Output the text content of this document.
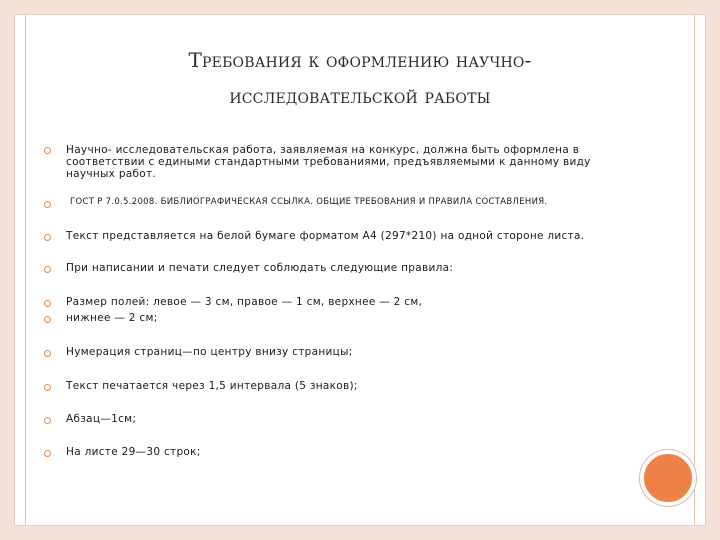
Требования к оформлению научно-
исследовательской работы
Научно- исследовательская работа, заявляемая на конкурс, должна быть оформлена в соответствии с едиными стандартными требованиями, предъявляемыми к данному виду научных работ.
ГОСТ Р 7.0.5.2008. БИБЛИОГРАФИЧЕСКАЯ ССЫЛКА. ОБЩИЕ ТРЕБОВАНИЯ И ПРАВИЛА СОСТАВЛЕНИЯ.
Текст представляется на белой бумаге форматом А4 (297*210) на одной стороне листа.
При написании и печати следует соблюдать следующие правила:
Размер полей: левое — 3 см, правое — 1 см, верхнее — 2 см,
нижнее — 2 см;
Нумерация страниц—по центру внизу страницы;
Текст печатается через 1,5 интервала (5 знаков);
Абзац—1см;
На листе 29—30 строк;
